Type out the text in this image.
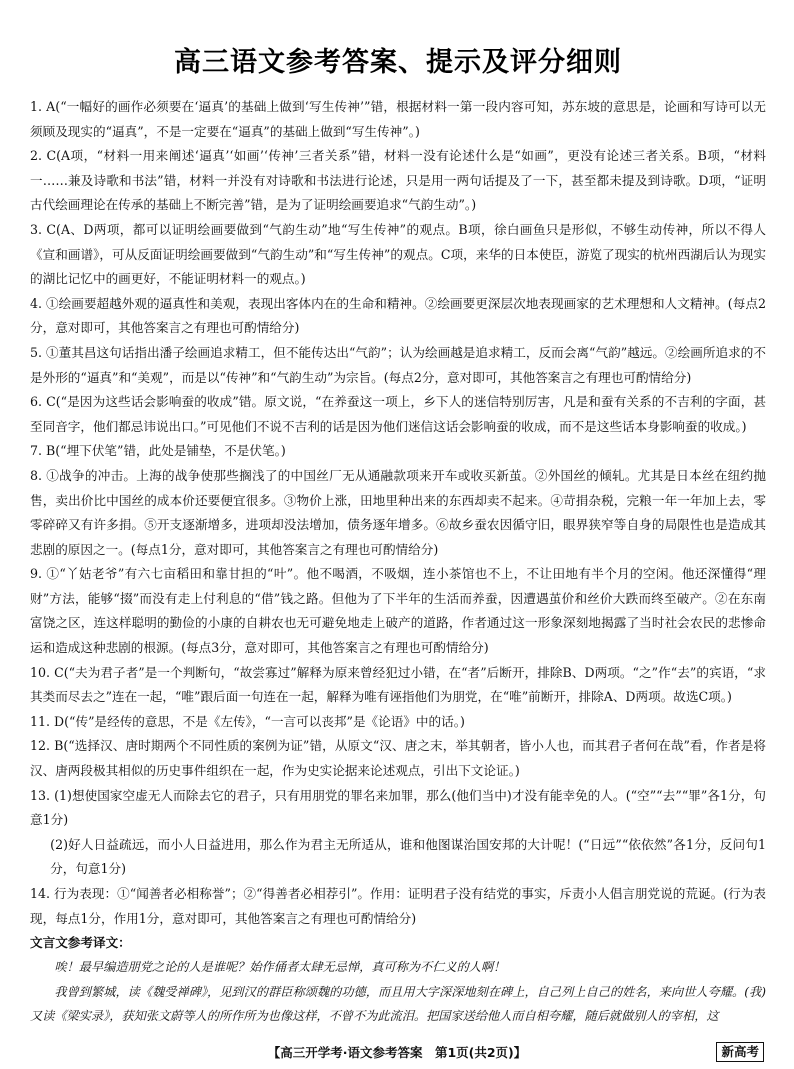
高三语文参考答案、提示及评分细则

1. A(“一幅好的画作必须要在‘逼真’的基础上做到‘写生传神’”错，根据材料一第一段内容可知，苏东坡的意思是，论画和写诗可以无须顾及现实的“逼真”，不是一定要在“逼真”的基础上做到“写生传神”。)

2. C(A项，“材料一用来阐述‘逼真’‘如画’‘传神’三者关系”错，材料一没有论述什么是“如画”，更没有论述三者关系。B项，“材料一……兼及诗歌和书法”错，材料一并没有对诗歌和书法进行论述，只是用一两句话提及了一下，甚至都未提及到诗歌。D项，“证明古代绘画理论在传承的基础上不断完善”错，是为了证明绘画要追求“气韵生动”。)

3. C(A、D两项，都可以证明绘画要做到“气韵生动”地“写生传神”的观点。B项，徐白画鱼只是形似，不够生动传神，所以不得人《宣和画谱》，可从反面证明绘画要做到“气韵生动”和“写生传神”的观点。C项，来华的日本使臣，游览了现实的杭州西湖后认为现实的湖比记忆中的画更好，不能证明材料一的观点。)

4. ①绘画要超越外观的逼真性和美观，表现出客体内在的生命和精神。②绘画要更深层次地表现画家的艺术理想和人文精神。(每点2分，意对即可，其他答案言之有理也可酌情给分)

5. ①董其昌这句话指出潘子绘画追求精工，但不能传达出“气韵”；认为绘画越是追求精工，反而会离“气韵”越远。②绘画所追求的不是外形的“逼真”和“美观”，而是以“传神”和“气韵生动”为宗旨。(每点2分，意对即可，其他答案言之有理也可酌情给分)

6. C(“是因为这些话会影响蚕的收成”错。原文说，“在养蚕这一项上，乡下人的迷信特别厉害，凡是和蚕有关系的不吉利的字面，甚至同音字，他们都忌讳说出口。”可见他们不说不吉利的话是因为他们迷信这话会影响蚕的收成，而不是这些话本身影响蚕的收成。)

7. B(“埋下伏笔”错，此处是铺垫，不是伏笔。)

8. ①战争的冲击。上海的战争使那些搁浅了的中国丝厂无从通融款项来开车或收买新茧。②外国丝的倾轧。尤其是日本丝在纽约抛售，卖出价比中国丝的成本价还要便宜很多。③物价上涨，田地里种出来的东西却卖不起来。④苛捐杂税，完粮一年一年加上去，零零碎碎又有许多捐。⑤开支逐渐增多，进项却没法增加，债务逐年增多。⑥故乡蚕农因循守旧，眼界狭窄等自身的局限性也是造成其悲剧的原因之一。(每点1分，意对即可，其他答案言之有理也可酌情给分)

9. ①“丫姑老爷”有六七亩稻田和靠甘担的“叶”。他不喝酒，不吸烟，连小茶馆也不上，不让田地有半个月的空闲。他还深懂得“理财”方法，能够“掇”而没有走上付利息的“借”钱之路。但他为了下半年的生活而养蚕，因遭遇茧价和丝价大跌而终至破产。②在东南富饶之区，连这样聪明的勤俭的小康的自耕农也无可避免地走上破产的道路，作者通过这一形象深刻地揭露了当时社会农民的悲惨命运和造成这种悲剧的根源。(每点3分，意对即可，其他答案言之有理也可酌情给分)

10. C(“夫为君子者”是一个判断句，“故尝寡过”解释为原来曾经犯过小错，在“者”后断开，排除B、D两项。“之”作“去”的宾语，“求其类而尽去之”连在一起，“唯”跟后面一句连在一起，解释为唯有诬指他们为朋党，在“唯”前断开，排除A、D两项。故选C项。)

11. D(“传”是经传的意思，不是《左传》，“一言可以丧邦”是《论语》中的话。)

12. B(“选择汉、唐时期两个不同性质的案例为证”错，从原文“汉、唐之末，举其朝者，皆小人也，而其君子者何在哉”看，作者是将汉、唐两段极其相似的历史事件组织在一起，作为史实论据来论述观点，引出下文论证。)

13. (1)想使国家空虚无人而除去它的君子，只有用朋党的罪名来加罪，那么(他们当中)才没有能幸免的人。(“空”“去”“罪”各1分，句意1分)

(2)好人日益疏远，而小人日益进用，那么作为君主无所适从，谁和他图谋治国安邦的大计呢！(“日远”“依依然”各1分，反问句1分，句意1分)

14. 行为表现：①“闻善者必相称誉”；②“得善者必相荐引”。作用：证明君子没有结党的事实，斥责小人倡言朋党说的荒诞。(行为表现，每点1分，作用1分，意对即可，其他答案言之有理也可酌情给分)

文言文参考译文：

唉！最早编造朋党之论的人是谁呢？始作俑者太肆无忌惮，真可称为不仁义的人啊！

我曾到繁城，读《魏受禅碑》，见到汉的群臣称颂魏的功德，而且用大字深深地刻在碑上，自己列上自己的姓名，来向世人夸耀。(我)又读《梁实录》，获知张文蔚等人的所作所为也像这样，不曾不为此流泪。把国家送给他人而自相夸耀，随后就做别人的宰相，这

【高三开学考·语文参考答案　第1页(共2页)】	新高考
